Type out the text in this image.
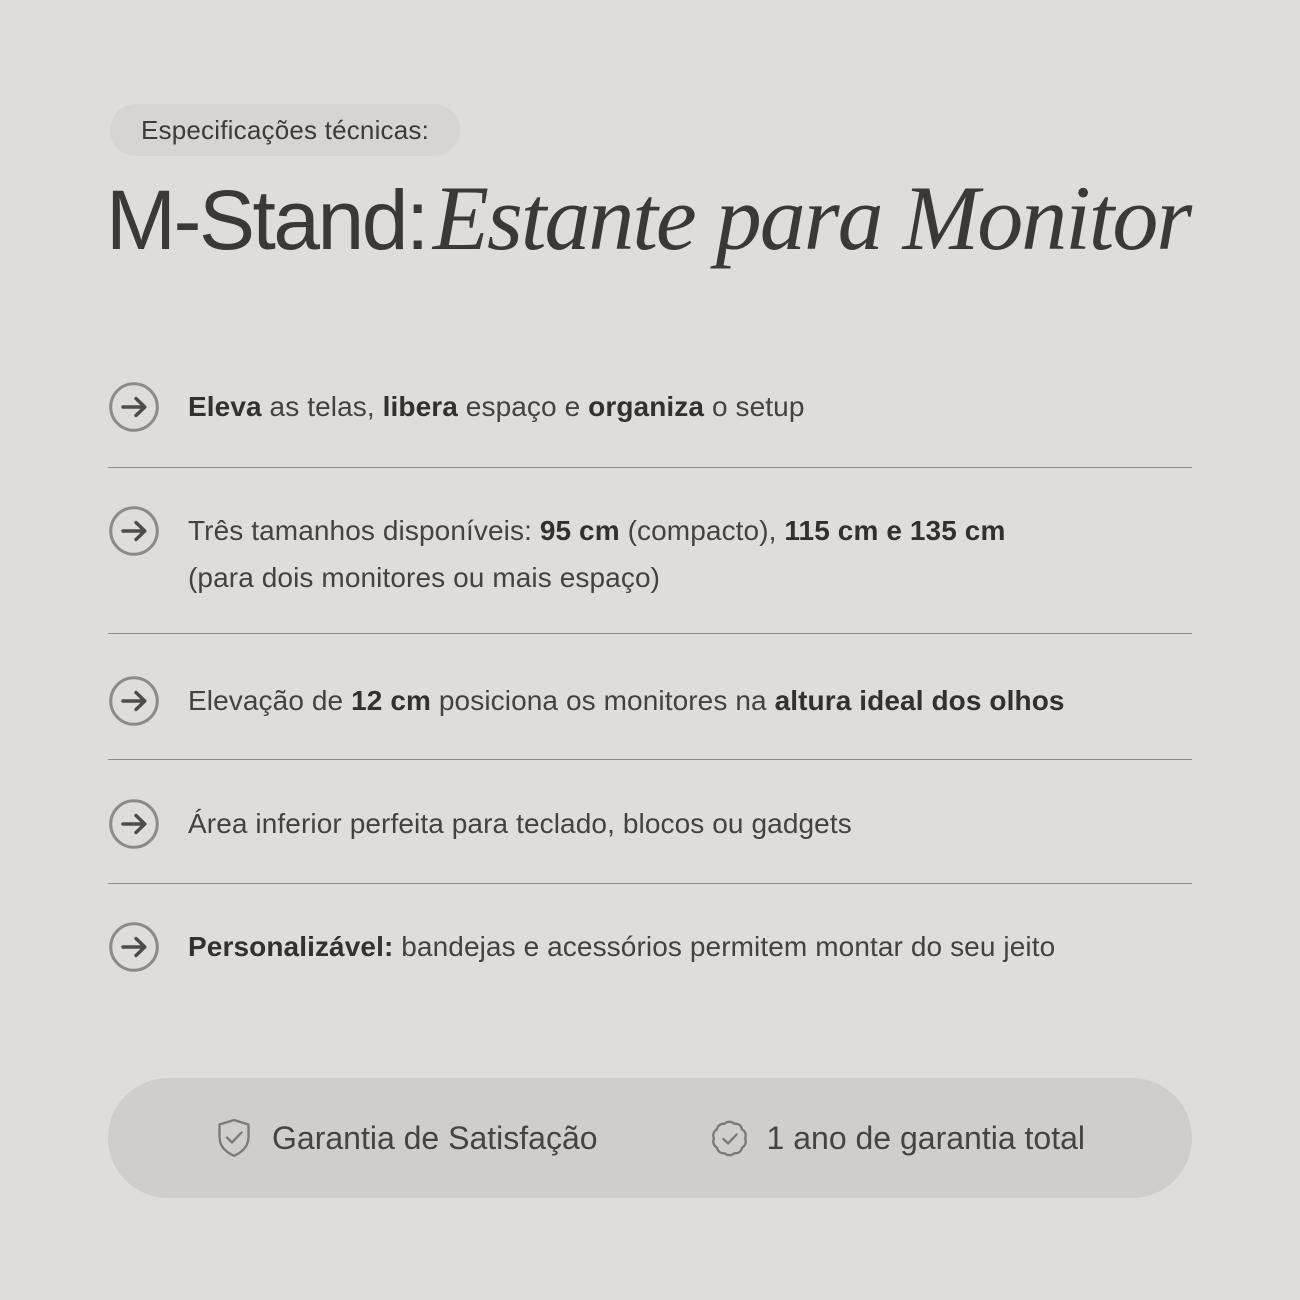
Especificações técnicas:
M-Stand:Estante para Monitor

Eleva as telas, libera espaço e organiza o setup

Três tamanhos disponíveis: 95 cm (compacto), 115 cm e 135 cm
(para dois monitores ou mais espaço)

Elevação de 12 cm posiciona os monitores na altura ideal dos olhos

Área inferior perfeita para teclado, blocos ou gadgets

Personalizável: bandejas e acessórios permitem montar do seu jeito

Garantia de Satisfação	1 ano de garantia total
